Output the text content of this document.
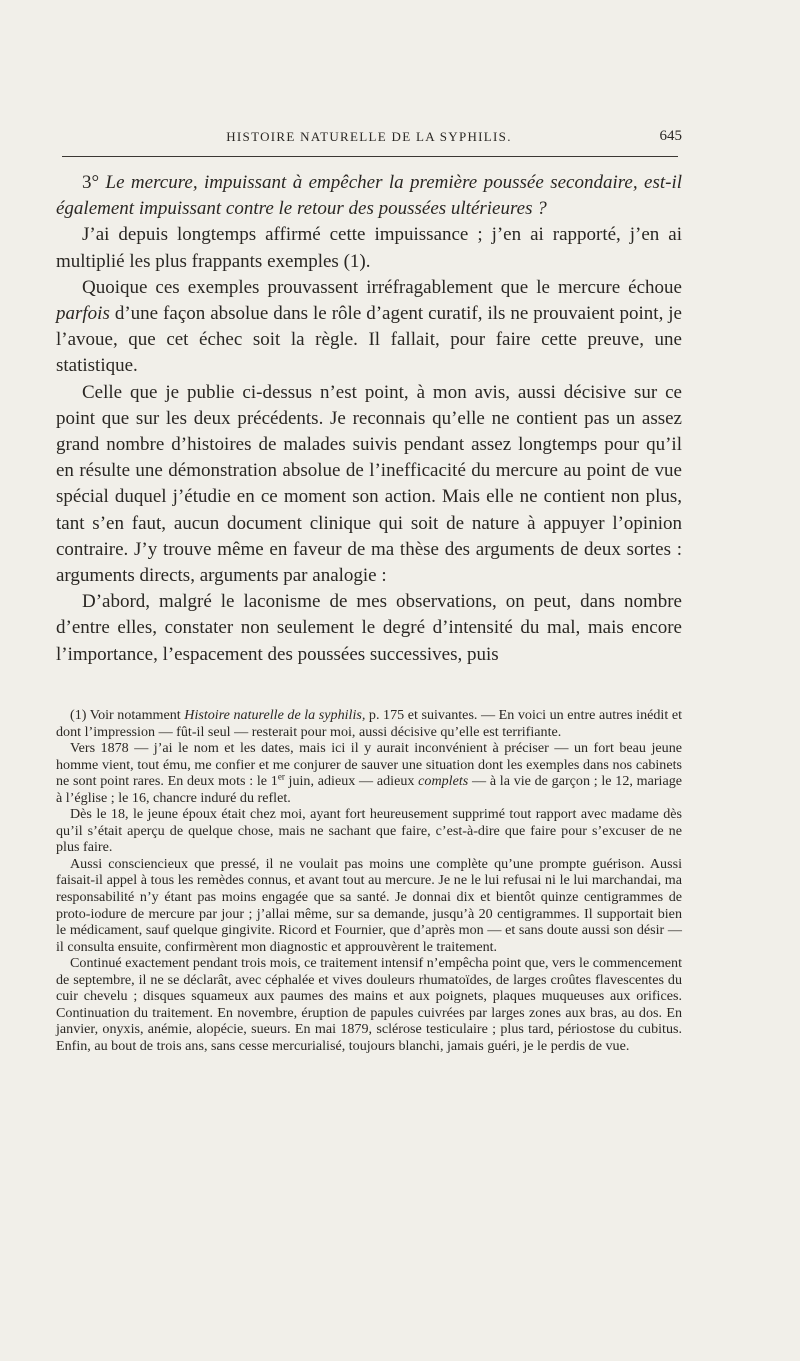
HISTOIRE NATURELLE DE LA SYPHILIS.	645

3° Le mercure, impuissant à empêcher la première poussée secondaire, est-il également impuissant contre le retour des poussées ultérieures ?

J’ai depuis longtemps affirmé cette impuissance ; j’en ai rapporté, j’en ai multiplié les plus frappants exemples (1).

Quoique ces exemples prouvassent irréfragablement que le mercure échoue parfois d’une façon absolue dans le rôle d’agent curatif, ils ne prouvaient point, je l’avoue, que cet échec soit la règle. Il fallait, pour faire cette preuve, une statistique.

Celle que je publie ci-dessus n’est point, à mon avis, aussi décisive sur ce point que sur les deux précédents. Je reconnais qu’elle ne contient pas un assez grand nombre d’histoires de malades suivis pendant assez longtemps pour qu’il en résulte une démonstration absolue de l’inefficacité du mercure au point de vue spécial duquel j’étudie en ce moment son action. Mais elle ne contient non plus, tant s’en faut, aucun document clinique qui soit de nature à appuyer l’opinion contraire. J’y trouve même en faveur de ma thèse des arguments de deux sortes : arguments directs, arguments par analogie :

D’abord, malgré le laconisme de mes observations, on peut, dans nombre d’entre elles, constater non seulement le degré d’intensité du mal, mais encore l’importance, l’espacement des poussées successives, puis

(1) Voir notamment Histoire naturelle de la syphilis, p. 175 et suivantes. — En voici un entre autres inédit et dont l’impression — fût-il seul — resterait pour moi, aussi décisive qu’elle est terrifiante.

Vers 1878 — j’ai le nom et les dates, mais ici il y aurait inconvénient à préciser — un fort beau jeune homme vient, tout ému, me confier et me conjurer de sauver une situation dont les exemples dans nos cabinets ne sont point rares. En deux mots : le 1er juin, adieux — adieux complets — à la vie de garçon ; le 12, mariage à l’église ; le 16, chancre induré du reflet.

Dès le 18, le jeune époux était chez moi, ayant fort heureusement supprimé tout rapport avec madame dès qu’il s’était aperçu de quelque chose, mais ne sachant que faire, c’est-à-dire que faire pour s’excuser de ne plus faire.

Aussi consciencieux que pressé, il ne voulait pas moins une complète qu’une prompte guérison. Aussi faisait-il appel à tous les remèdes connus, et avant tout au mercure. Je ne le lui refusai ni le lui marchandai, ma responsabilité n’y étant pas moins engagée que sa santé. Je donnai dix et bientôt quinze centigrammes de proto-iodure de mercure par jour ; j’allai même, sur sa demande, jusqu’à 20 centigrammes. Il supportait bien le médicament, sauf quelque gingivite. Ricord et Fournier, que d’après mon — et sans doute aussi son désir — il consulta ensuite, confirmèrent mon diagnostic et approuvèrent le traitement.

Continué exactement pendant trois mois, ce traitement intensif n’empêcha point que, vers le commencement de septembre, il ne se déclarât, avec céphalée et vives douleurs rhumatoïdes, de larges croûtes flavescentes du cuir chevelu ; disques squameux aux paumes des mains et aux poignets, plaques muqueuses aux orifices. Continuation du traitement. En novembre, éruption de papules cuivrées par larges zones aux bras, au dos. En janvier, onyxis, anémie, alopécie, sueurs. En mai 1879, sclérose testiculaire ; plus tard, périostose du cubitus. Enfin, au bout de trois ans, sans cesse mercurialisé, toujours blanchi, jamais guéri, je le perdis de vue.
